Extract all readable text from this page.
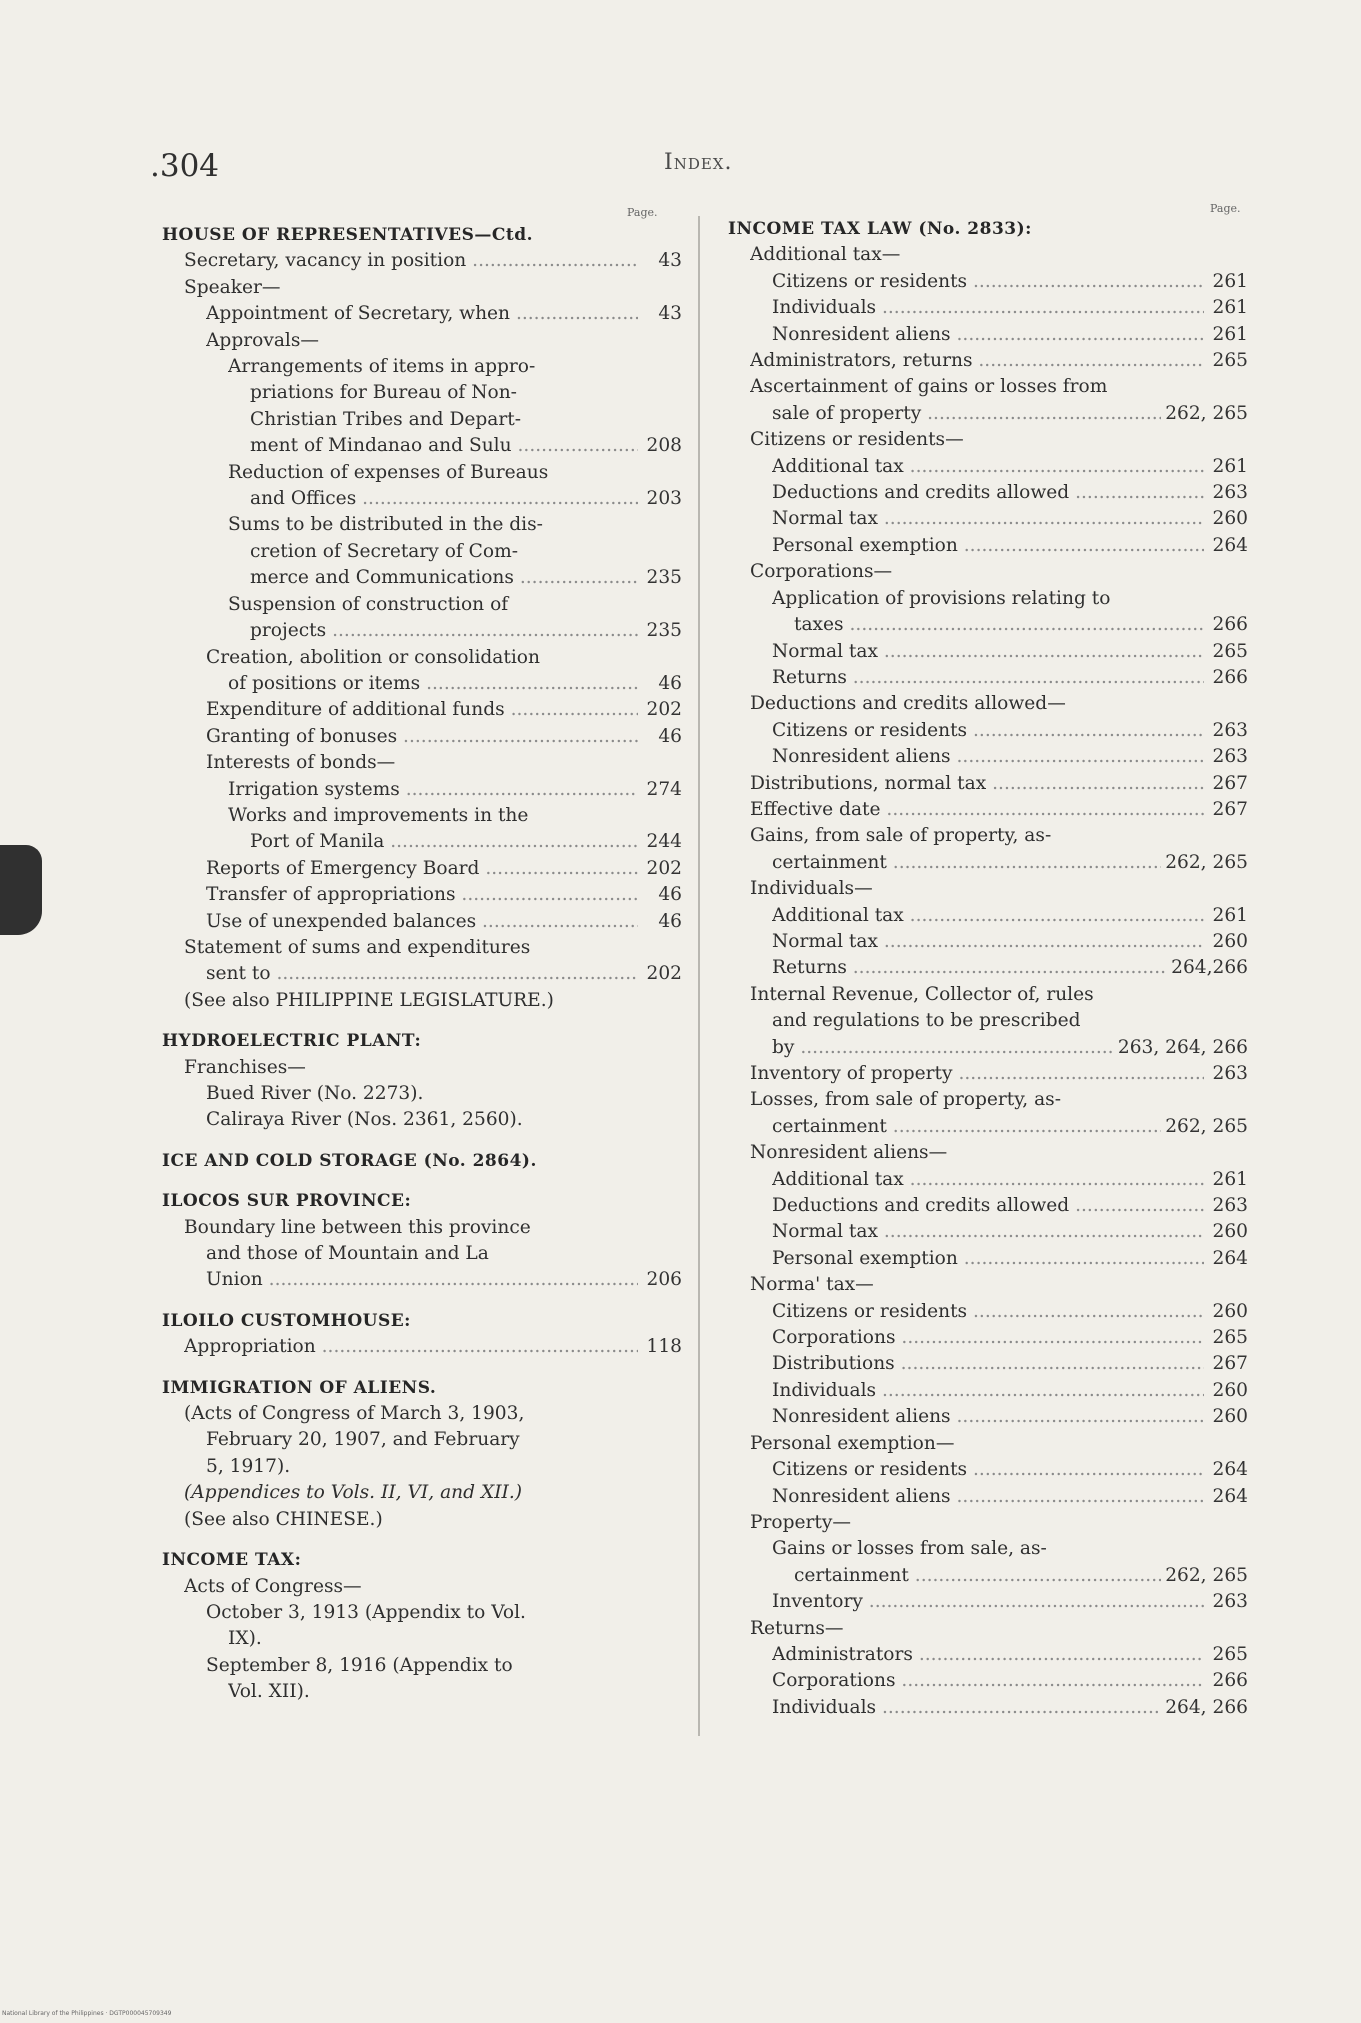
.304	Index.
Page.
HOUSE OF REPRESENTATIVES—Ctd.
Secretary, vacancy in position .....	43
Speaker—
Appointment of Secretary, when .....	43
Approvals—
Arrangements of items in appro-
priations for Bureau of Non-
Christian Tribes and Depart-
ment of Mindanao and Sulu .....	208
Reduction of expenses of Bureaus
and Offices .....	203
Sums to be distributed in the dis-
cretion of Secretary of Com-
merce and Communications .....	235
Suspension of construction of
projects .....	235
Creation, abolition or consolidation
of positions or items .....	46
Expenditure of additional funds .....	202
Granting of bonuses .....	46
Interests of bonds—
Irrigation systems .....	274
Works and improvements in the
Port of Manila .....	244
Reports of Emergency Board .....	202
Transfer of appropriations .....	46
Use of unexpended balances .....	46
Statement of sums and expenditures
sent to .....	202
(See also PHILIPPINE LEGISLATURE.)
HYDROELECTRIC PLANT:
Franchises—
Bued River (No. 2273).
Caliraya River (Nos. 2361, 2560).
ICE AND COLD STORAGE (No. 2864).
ILOCOS SUR PROVINCE:
Boundary line between this province
and those of Mountain and La
Union .....	206
ILOILO CUSTOMHOUSE:
Appropriation .....	118
IMMIGRATION OF ALIENS.
(Acts of Congress of March 3, 1903,
February 20, 1907, and February
5, 1917).
(Appendices to Vols. II, VI, and XII.)
(See also CHINESE.)
INCOME TAX:
Acts of Congress—
October 3, 1913 (Appendix to Vol.
IX).
September 8, 1916 (Appendix to
Vol. XII).
Page.
INCOME TAX LAW (No. 2833):
Additional tax—
Citizens or residents .....	261
Individuals .....	261
Nonresident aliens .....	261
Administrators, returns .....	265
Ascertainment of gains or losses from
sale of property .....	262, 265
Citizens or residents—
Additional tax .....	261
Deductions and credits allowed .....	263
Normal tax .....	260
Personal exemption .....	264
Corporations—
Application of provisions relating to
taxes .....	266
Normal tax .....	265
Returns .....	266
Deductions and credits allowed—
Citizens or residents .....	263
Nonresident aliens .....	263
Distributions, normal tax .....	267
Effective date .....	267
Gains, from sale of property, as-
certainment .....	262, 265
Individuals—
Additional tax .....	261
Normal tax .....	260
Returns .....	264,266
Internal Revenue, Collector of, rules
and regulations to be prescribed
by .....	263, 264, 266
Inventory of property .....	263
Losses, from sale of property, as-
certainment .....	262, 265
Nonresident aliens—
Additional tax .....	261
Deductions and credits allowed .....	263
Normal tax .....	260
Personal exemption .....	264
Norma' tax—
Citizens or residents .....	260
Corporations .....	265
Distributions .....	267
Individuals .....	260
Nonresident aliens .....	260
Personal exemption—
Citizens or residents .....	264
Nonresident aliens .....	264
Property—
Gains or losses from sale, as-
certainment .....	262, 265
Inventory .....	263
Returns—
Administrators .....	265
Corporations .....	266
Individuals .....	264, 266
National Library of the Philippines · DGTP000045709349
